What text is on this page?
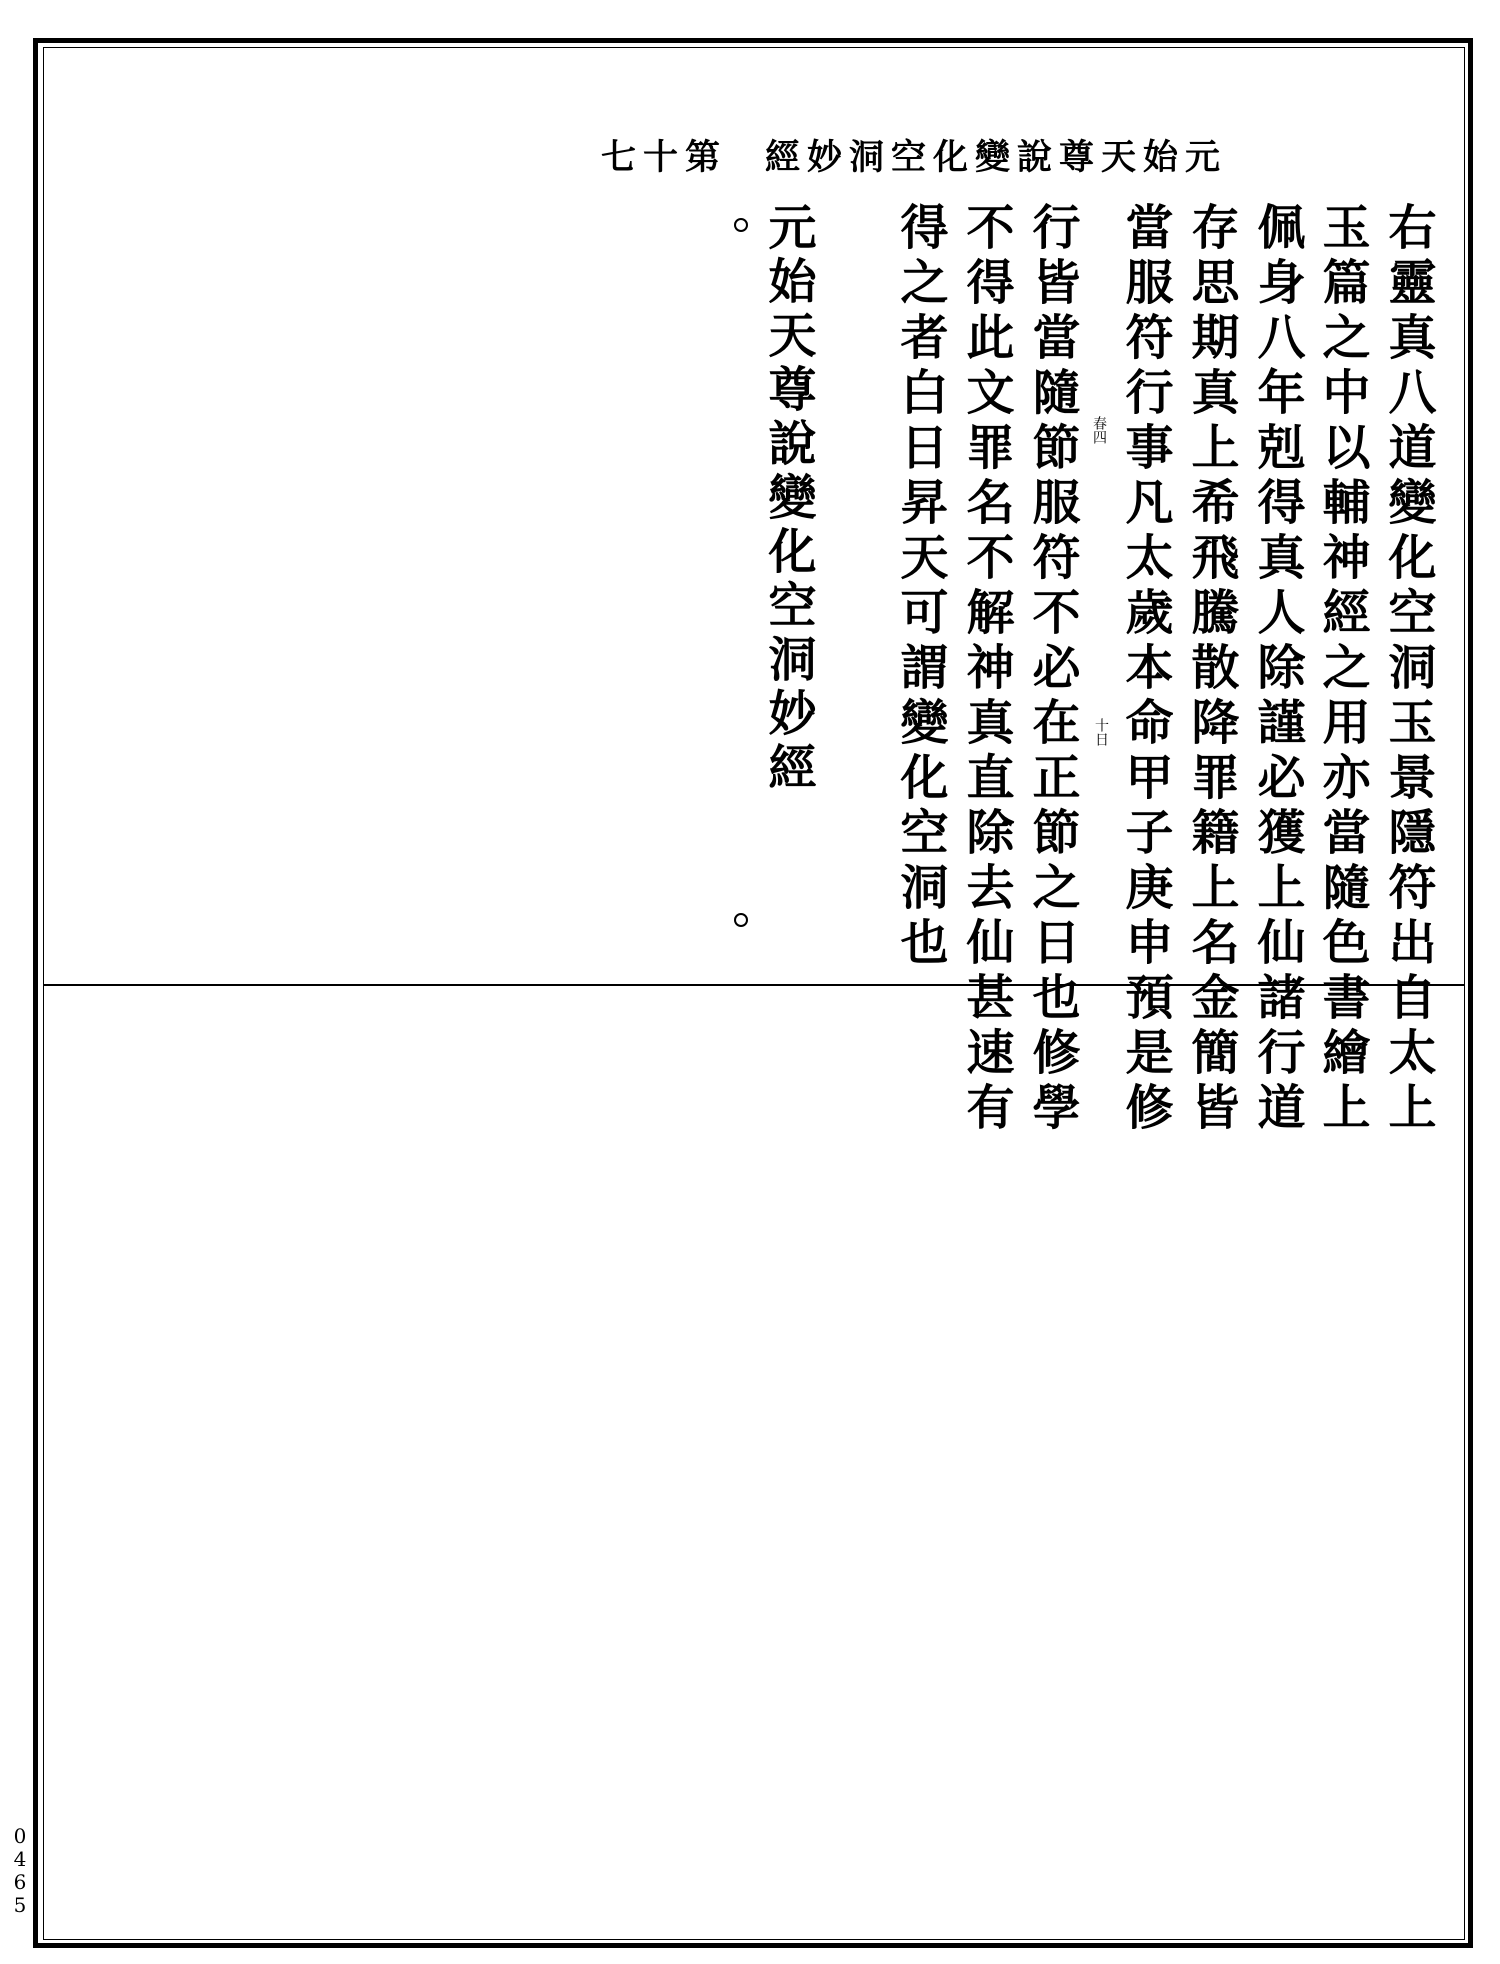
元始天尊說變化空洞妙經
第十七
右靈真八道變化空洞玉景隱符出自太上
玉篇之中以輔神經之用亦當隨色書繪上
佩身八年剋得真人除謹必獲上仙諸行道
存思期真上希飛騰散降罪籍上名金簡皆
當服符行事凡太歲本命甲子庚申預是修
行皆當隨節服符不必在正節之日也修學
不得此文罪名不解神真直除去仙甚速有
得之者白日昇天可謂變化空洞也	春四
十日
元始天尊說變化空洞妙經
0465
